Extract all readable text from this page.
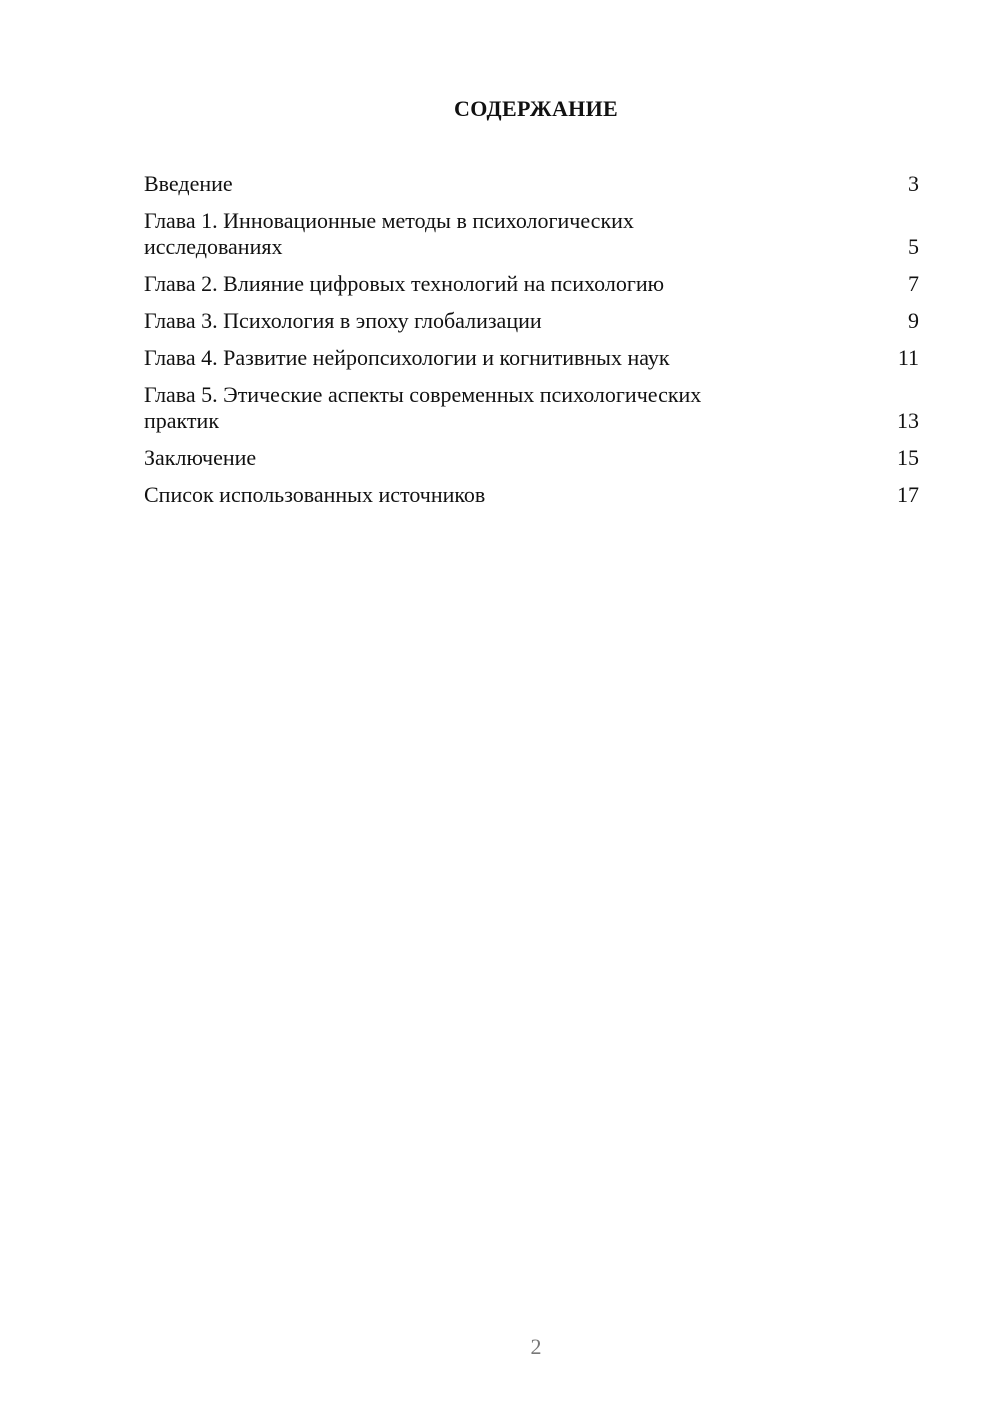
СОДЕРЖАНИЕ
Введение	3
Глава 1. Инновационные методы в психологических исследованиях	5
Глава 2. Влияние цифровых технологий на психологию	7
Глава 3. Психология в эпоху глобализации	9
Глава 4. Развитие нейропсихологии и когнитивных наук	11
Глава 5. Этические аспекты современных психологических практик	13
Заключение	15
Список использованных источников	17
2
